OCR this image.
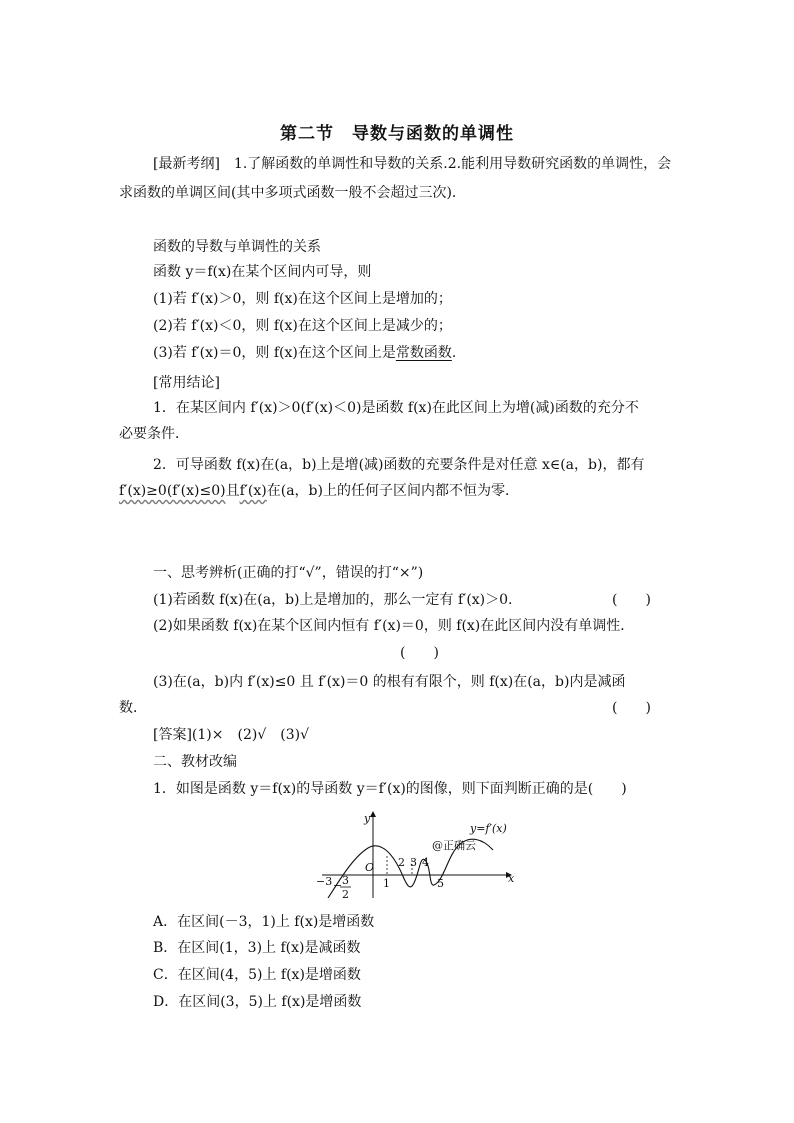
第二节　导数与函数的单调性
[最新考纲]　1.了解函数的单调性和导数的关系.2.能利用导数研究函数的单调性，会
求函数的单调区间(其中多项式函数一般不会超过三次)．
函数的导数与单调性的关系
函数 y＝f(x)在某个区间内可导，则
(1)若 f′(x)＞0，则 f(x)在这个区间上是增加的；
(2)若 f′(x)＜0，则 f(x)在这个区间上是减少的；
(3)若 f′(x)＝0，则 f(x)在这个区间上是常数函数．
[常用结论]
1．在某区间内 f′(x)＞0(f′(x)＜0)是函数 f(x)在此区间上为增(减)函数的充分不
必要条件．
2．可导函数 f(x)在(a，b)上是增(减)函数的充要条件是对任意 x∈(a，b)，都有
f′(x)≥0(f′(x)≤0)且f′(x)在(a，b)上的任何子区间内都不恒为零．
一、思考辨析(正确的打“√”，错误的打“×”)
(1)若函数 f(x)在(a，b)上是增加的，那么一定有 f′(x)＞0.	(　　)
(2)如果函数 f(x)在某个区间内恒有 f′(x)＝0，则 f(x)在此区间内没有单调性．
(　　)
(3)在(a，b)内 f′(x)≤0 且 f′(x)＝0 的根有有限个，则 f(x)在(a，b)内是减函
数．	(　　)
[答案](1)×　(2)√　(3)√
二、教材改编
1．如图是函数 y＝f(x)的导函数 y＝f′(x)的图像，则下面判断正确的是(　　)
y
x
O
y=f′(x)
@正确云
−3 − 3
2
1
2 3 4
5
A．在区间(－3，1)上 f(x)是增函数
B．在区间(1，3)上 f(x)是减函数
C．在区间(4，5)上 f(x)是增函数
D．在区间(3，5)上 f(x)是增函数
